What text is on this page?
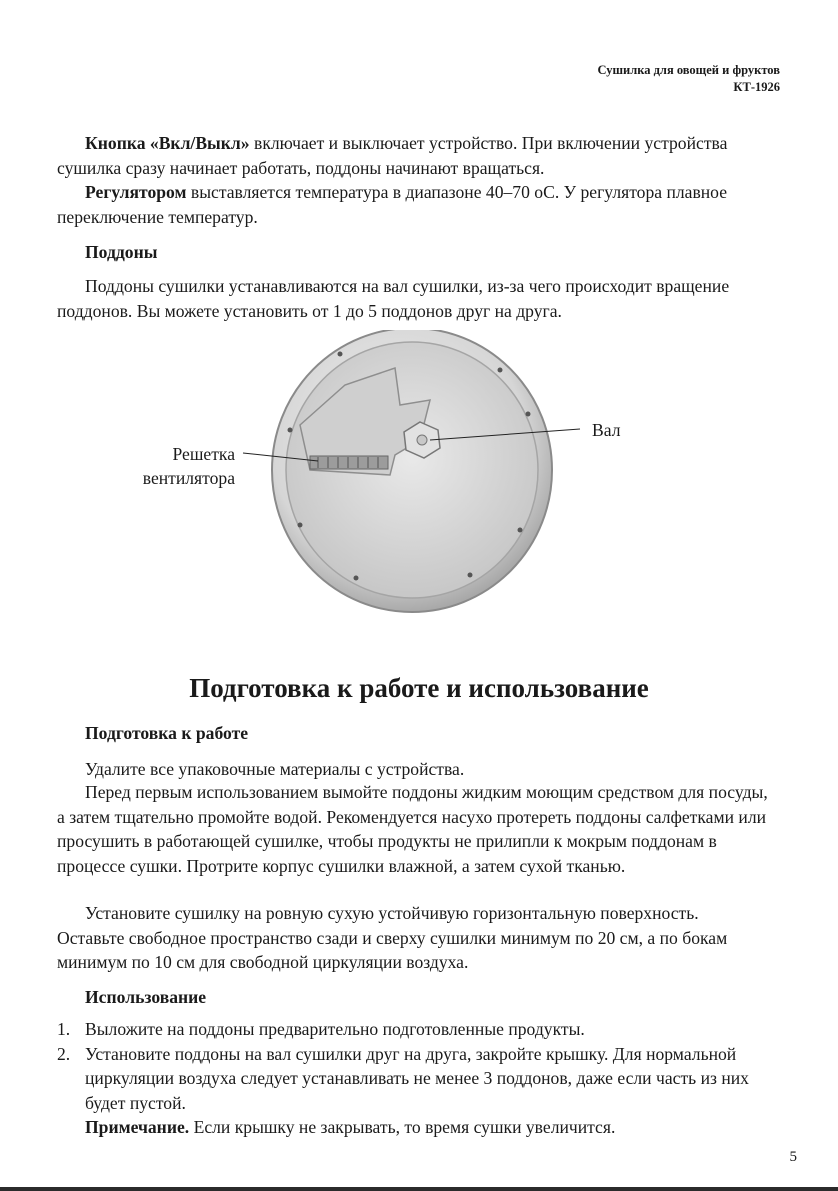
Сушилка для овощей и фруктов
КТ-1926
Кнопка «Вкл/Выкл» включает и выключает устройство. При включении устройства сушилка сразу начинает работать, поддоны начинают вращаться.
Регулятором выставляется температура в диапазоне 40–70 оС. У регулятора плавное переключение температур.
Поддоны
Поддоны сушилки устанавливаются на вал сушилки, из-за чего происходит вращение поддонов. Вы можете установить от 1 до 5 поддонов друг на друга.
Решетка вентилятора
Вал
Подготовка к работе и использование
Подготовка к работе
Удалите все упаковочные материалы с устройства.
Перед первым использованием вымойте поддоны жидким моющим средством для посуды, а затем тщательно промойте водой. Рекомендуется насухо протереть поддоны салфетками или просушить в работающей сушилке, чтобы продукты не прилипли к мокрым поддонам в процессе сушки. Протрите корпус сушилки влажной, а затем сухой тканью.
Установите сушилку на ровную сухую устойчивую горизонтальную поверхность. Оставьте свободное пространство сзади и сверху сушилки минимум по 20 см, а по бокам минимум по 10 см для свободной циркуляции воздуха.
Использование
1. Выложите на поддоны предварительно подготовленные продукты.
2. Установите поддоны на вал сушилки друг на друга, закройте крышку. Для нормальной циркуляции воздуха следует устанавливать не менее 3 поддонов, даже если часть из них будет пустой.
Примечание. Если крышку не закрывать, то время сушки увеличится.
5
